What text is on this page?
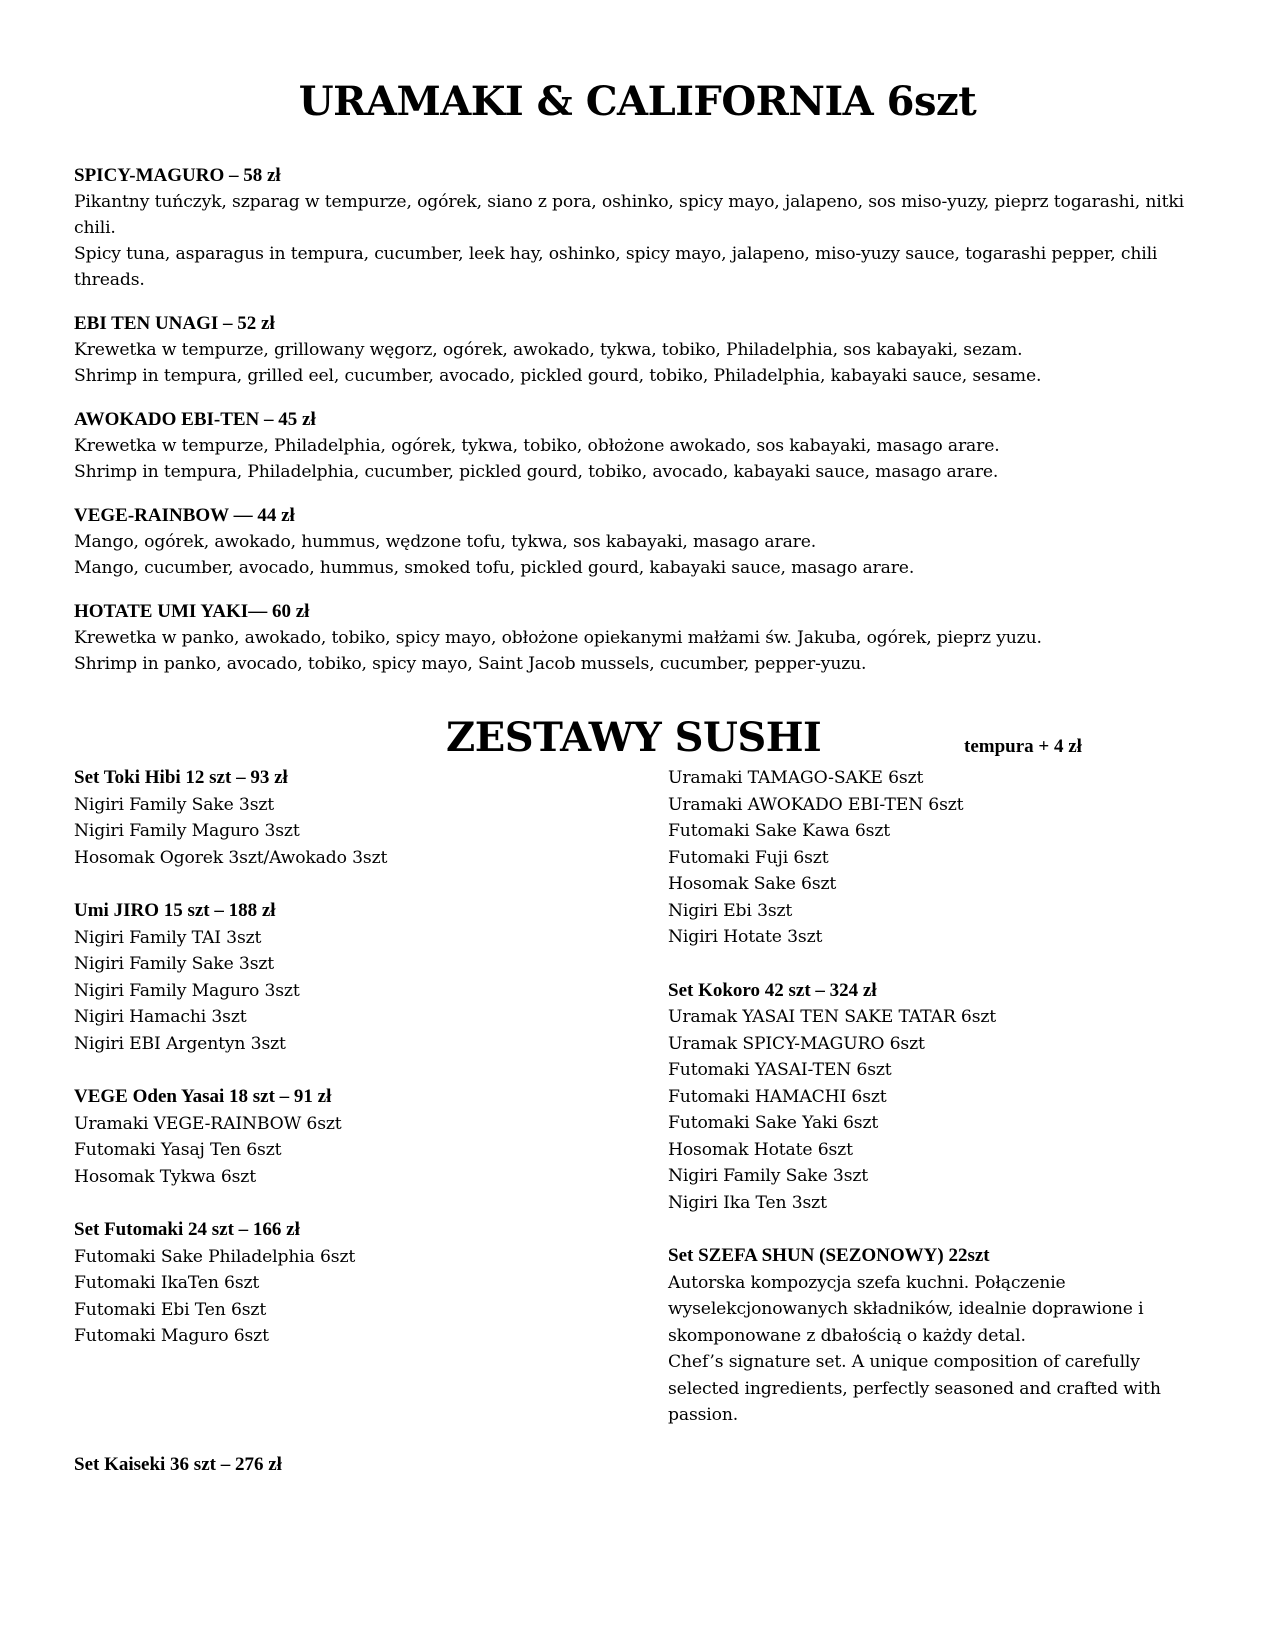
URAMAKI & CALIFORNIA 6szt
SPICY-MAGURO – 58 zł
Pikantny tuńczyk, szparag w tempurze, ogórek, siano z pora, oshinko, spicy mayo, jalapeno, sos miso-yuzy, pieprz togarashi, nitki chili.
Spicy tuna, asparagus in tempura, cucumber, leek hay, oshinko, spicy mayo, jalapeno, miso-yuzy sauce, togarashi pepper, chili threads.
EBI TEN UNAGI – 52 zł
Krewetka w tempurze, grillowany węgorz, ogórek, awokado, tykwa, tobiko, Philadelphia, sos kabayaki, sezam.
Shrimp in tempura, grilled eel, cucumber, avocado, pickled gourd, tobiko, Philadelphia, kabayaki sauce, sesame.
AWOKADO EBI-TEN – 45 zł
Krewetka w tempurze, Philadelphia, ogórek, tykwa, tobiko, obłożone awokado, sos kabayaki, masago arare.
Shrimp in tempura, Philadelphia, cucumber, pickled gourd, tobiko, avocado, kabayaki sauce, masago arare.
VEGE-RAINBOW — 44 zł
Mango, ogórek, awokado, hummus, wędzone tofu, tykwa, sos kabayaki, masago arare.
Mango, cucumber, avocado, hummus, smoked tofu, pickled gourd, kabayaki sauce, masago arare.
HOTATE UMI YAKI— 60 zł
Krewetka w panko, awokado, tobiko, spicy mayo, obłożone opiekanymi małżami św. Jakuba, ogórek, pieprz yuzu.
Shrimp in panko, avocado, tobiko, spicy mayo, Saint Jacob mussels, cucumber, pepper-yuzu.
ZESTAWY SUSHI	tempura + 4 zł
Set Toki Hibi 12 szt – 93 zł
Nigiri Family Sake 3szt
Nigiri Family Maguro 3szt
Hosomak Ogorek 3szt/Awokado 3szt
Umi JIRO 15 szt – 188 zł
Nigiri Family TAI 3szt
Nigiri Family Sake 3szt
Nigiri Family Maguro 3szt
Nigiri Hamachi 3szt
Nigiri EBI Argentyn 3szt
VEGE Oden Yasai 18 szt – 91 zł
Uramaki VEGE-RAINBOW 6szt
Futomaki Yasaj Ten 6szt
Hosomak Tykwa 6szt
Set Futomaki 24 szt – 166 zł
Futomaki Sake Philadelphia 6szt
Futomaki IkaTen 6szt
Futomaki Ebi Ten 6szt
Futomaki Maguro 6szt
Set Kaiseki 36 szt – 276 zł
Uramaki TAMAGO-SAKE 6szt
Uramaki AWOKADO EBI-TEN 6szt
Futomaki Sake Kawa 6szt
Futomaki Fuji 6szt
Hosomak Sake 6szt
Nigiri Ebi 3szt
Nigiri Hotate 3szt
Set Kokoro 42 szt – 324 zł
Uramak YASAI TEN SAKE TATAR 6szt
Uramak SPICY-MAGURO 6szt
Futomaki YASAI-TEN 6szt
Futomaki HAMACHI 6szt
Futomaki Sake Yaki 6szt
Hosomak Hotate 6szt
Nigiri Family Sake 3szt
Nigiri Ika Ten 3szt
Set SZEFA SHUN (SEZONOWY) 22szt
Autorska kompozycja szefa kuchni. Połączenie wyselekcjonowanych składników, idealnie doprawione i skomponowane z dbałością o każdy detal.
Chef’s signature set. A unique composition of carefully selected ingredients, perfectly seasoned and crafted with passion.
